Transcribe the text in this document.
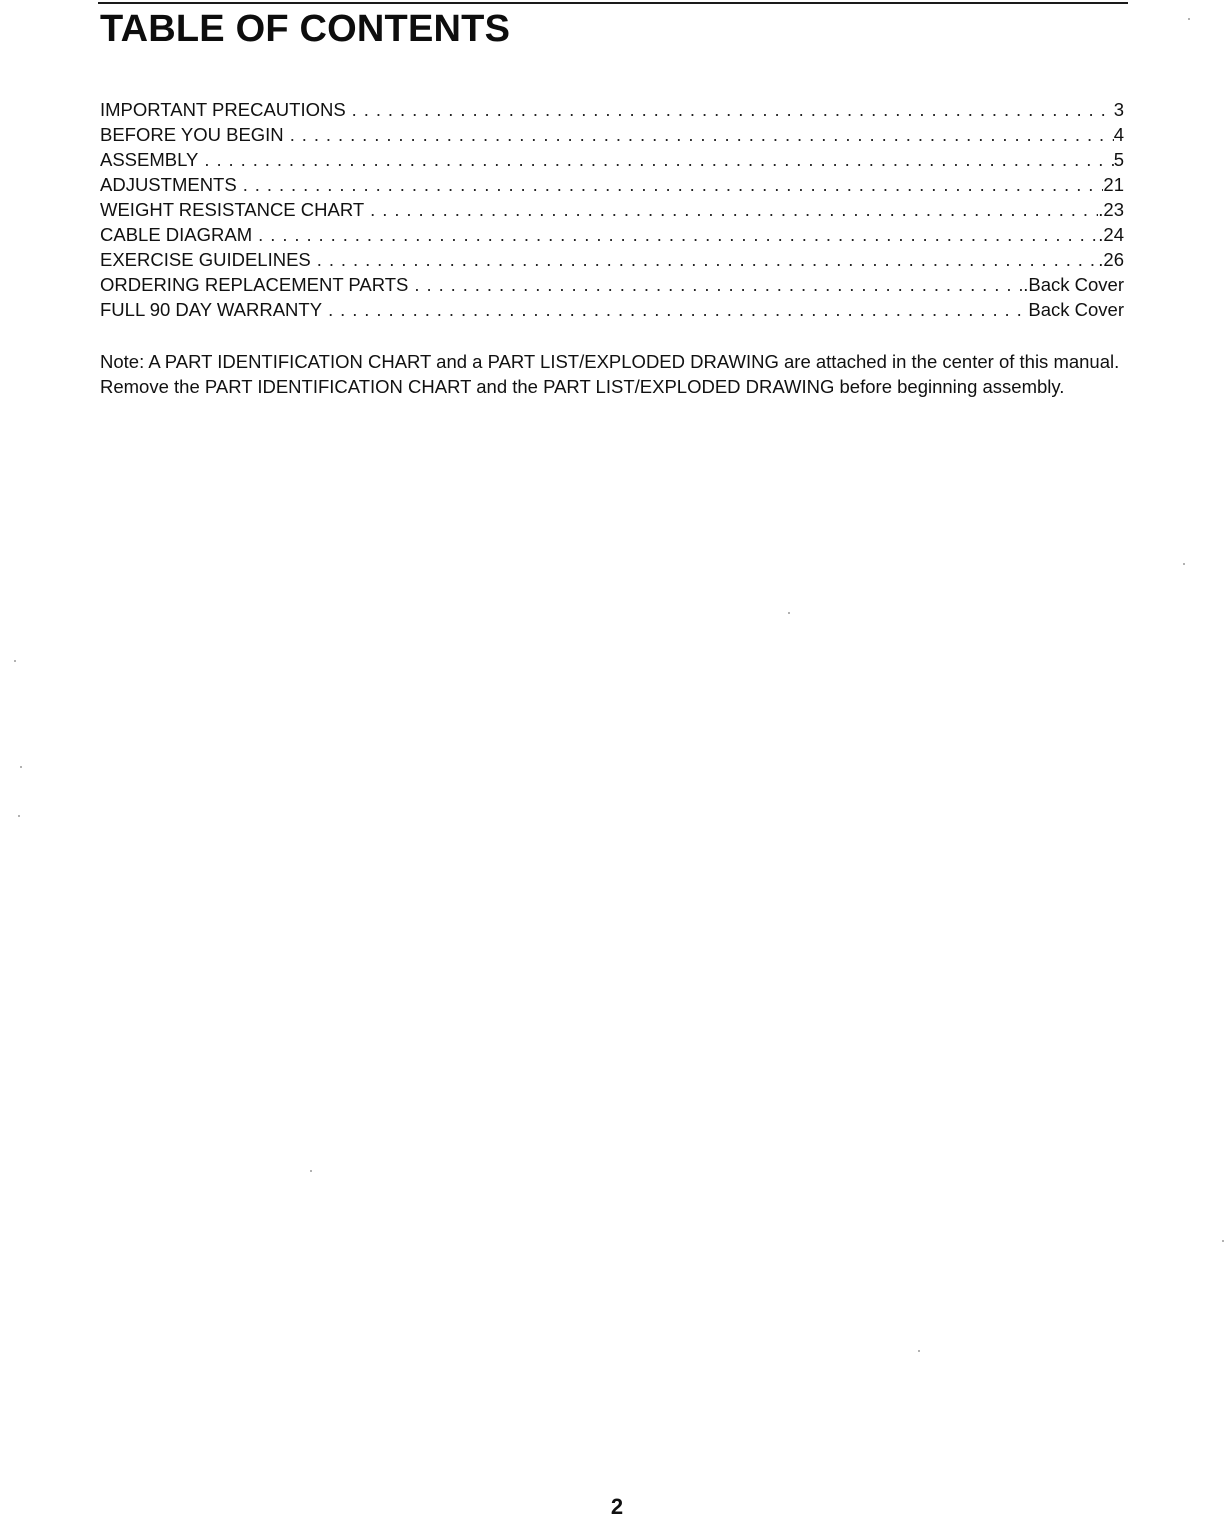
TABLE OF CONTENTS
IMPORTANT PRECAUTIONS . . .	3
BEFORE YOU BEGIN . . .	4
ASSEMBLY . . .	5
ADJUSTMENTS . . .	21
WEIGHT RESISTANCE CHART . . .	.23
CABLE DIAGRAM . . .	.24
EXERCISE GUIDELINES . . .	.26
ORDERING REPLACEMENT PARTS . . .	.Back Cover
FULL 90 DAY WARRANTY . . .	Back Cover

Note: A PART IDENTIFICATION CHART and a PART LIST/EXPLODED DRAWING are attached in the center of this manual. Remove the PART IDENTIFICATION CHART and the PART LIST/EXPLODED DRAWING before beginning assembly.

2
